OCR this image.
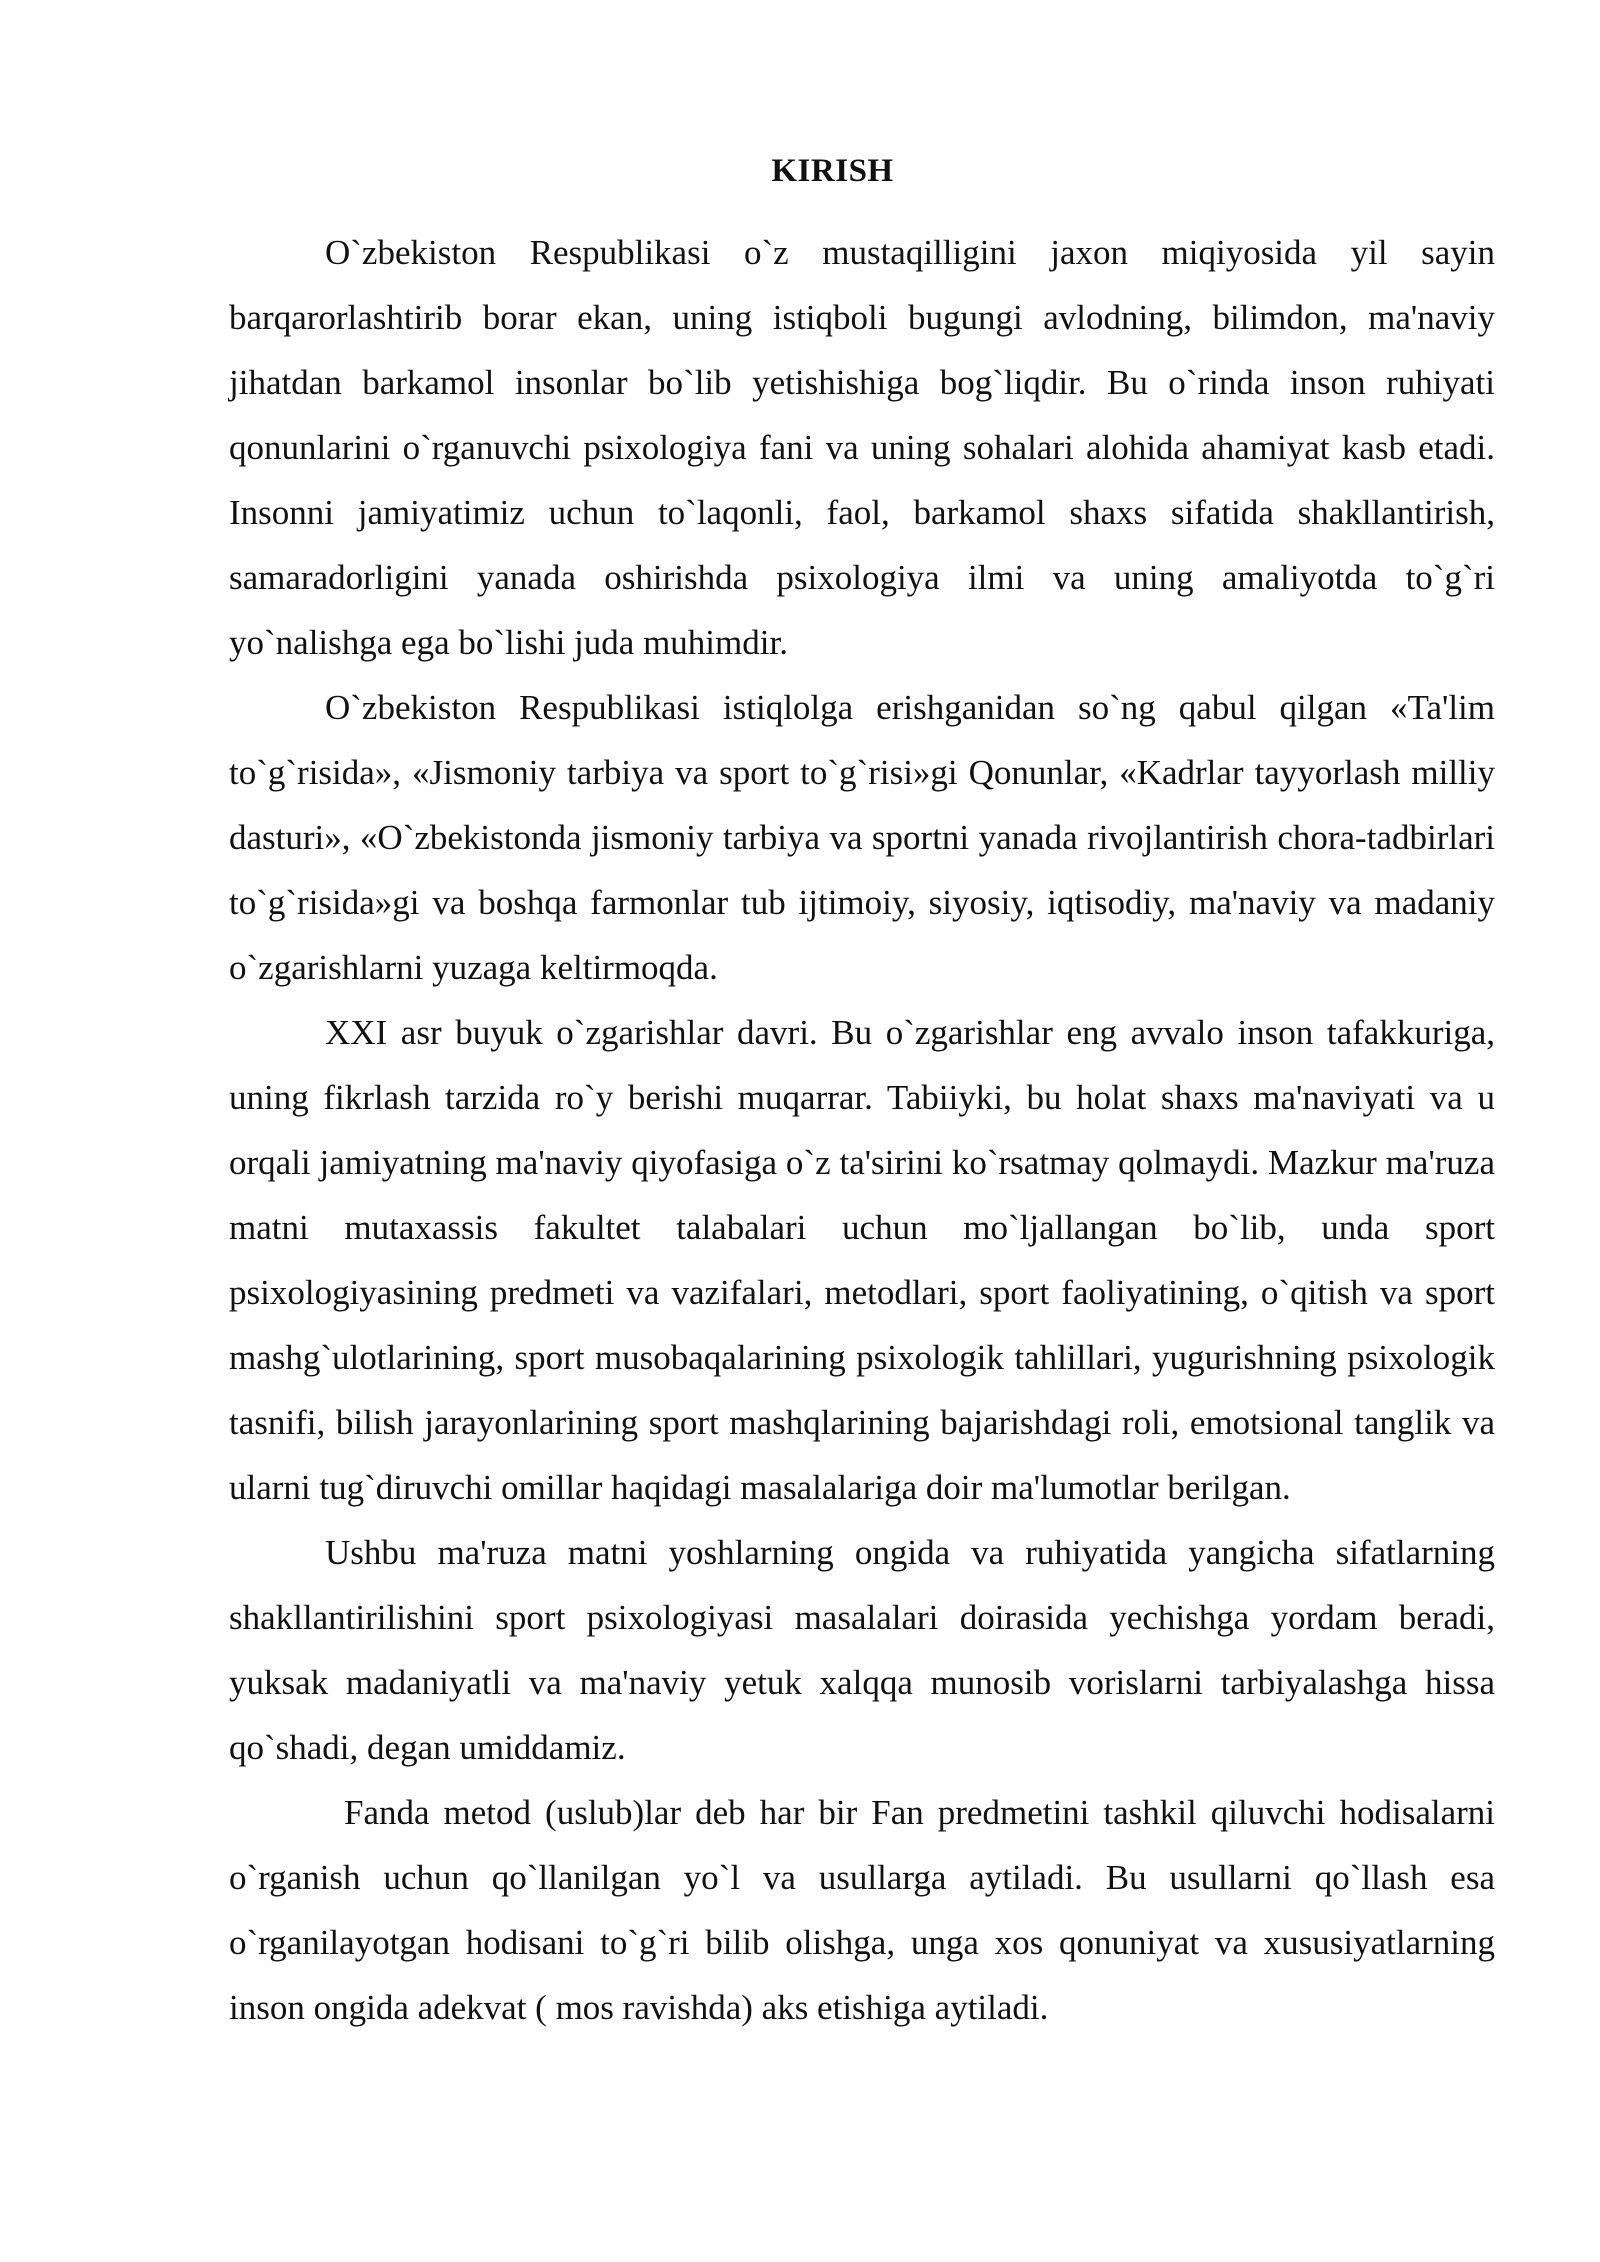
KIRISH

O`zbekiston Respublikasi o`z mustaqilligini jaxon miqiyosida yil sayin barqarorlashtirib borar ekan, uning istiqboli bugungi avlodning, bilimdon, ma'naviy jihatdan barkamol insonlar bo`lib yetishishiga bog`liqdir. Bu o`rinda inson ruhiyati qonunlarini o`rganuvchi psixologiya fani va uning sohalari alohida ahamiyat kasb etadi. Insonni jamiyatimiz uchun to`laqonli, faol, barkamol shaxs sifatida shakllantirish, samaradorligini yanada oshirishda psixologiya ilmi va uning amaliyotda to`g`ri yo`nalishga ega bo`lishi juda muhimdir.

O`zbekiston Respublikasi istiqlolga erishganidan so`ng qabul qilgan «Ta'lim to`g`risida», «Jismoniy tarbiya va sport to`g`risi»gi Qonunlar, «Kadrlar tayyorlash milliy dasturi», «O`zbekistonda jismoniy tarbiya va sportni yanada rivojlantirish chora-tadbirlari to`g`risida»gi va boshqa farmonlar tub ijtimoiy, siyosiy, iqtisodiy, ma'naviy va madaniy o`zgarishlarni yuzaga keltirmoqda.

XXI asr buyuk o`zgarishlar davri. Bu o`zgarishlar eng avvalo inson tafakkuriga, uning fikrlash tarzida ro`y berishi muqarrar. Tabiiyki, bu holat shaxs ma'naviyati va u orqali jamiyatning ma'naviy qiyofasiga o`z ta'sirini ko`rsatmay qolmaydi. Mazkur ma'ruza matni mutaxassis fakultet talabalari uchun mo`ljallangan bo`lib, unda sport psixologiyasining predmeti va vazifalari, metodlari, sport faoliyatining, o`qitish va sport mashg`ulotlarining, sport musobaqalarining psixologik tahlillari, yugurishning psixologik tasnifi, bilish jarayonlarining sport mashqlarining bajarishdagi roli, emotsional tanglik va ularni tug`diruvchi omillar haqidagi masalalariga doir ma'lumotlar berilgan.

Ushbu ma'ruza matni yoshlarning ongida va ruhiyatida yangicha sifatlarning shakllantirilishini sport psixologiyasi masalalari doirasida yechishga yordam beradi, yuksak madaniyatli va ma'naviy yetuk xalqqa munosib vorislarni tarbiyalashga hissa qo`shadi, degan umiddamiz.

Fanda metod (uslub)lar deb har bir Fan predmetini tashkil qiluvchi hodisalarni o`rganish uchun qo`llanilgan yo`l va usullarga aytiladi. Bu usullarni qo`llash esa o`rganilayotgan hodisani to`g`ri bilib olishga, unga xos qonuniyat va xususiyatlarning inson ongida adekvat ( mos ravishda) aks etishiga aytiladi.
